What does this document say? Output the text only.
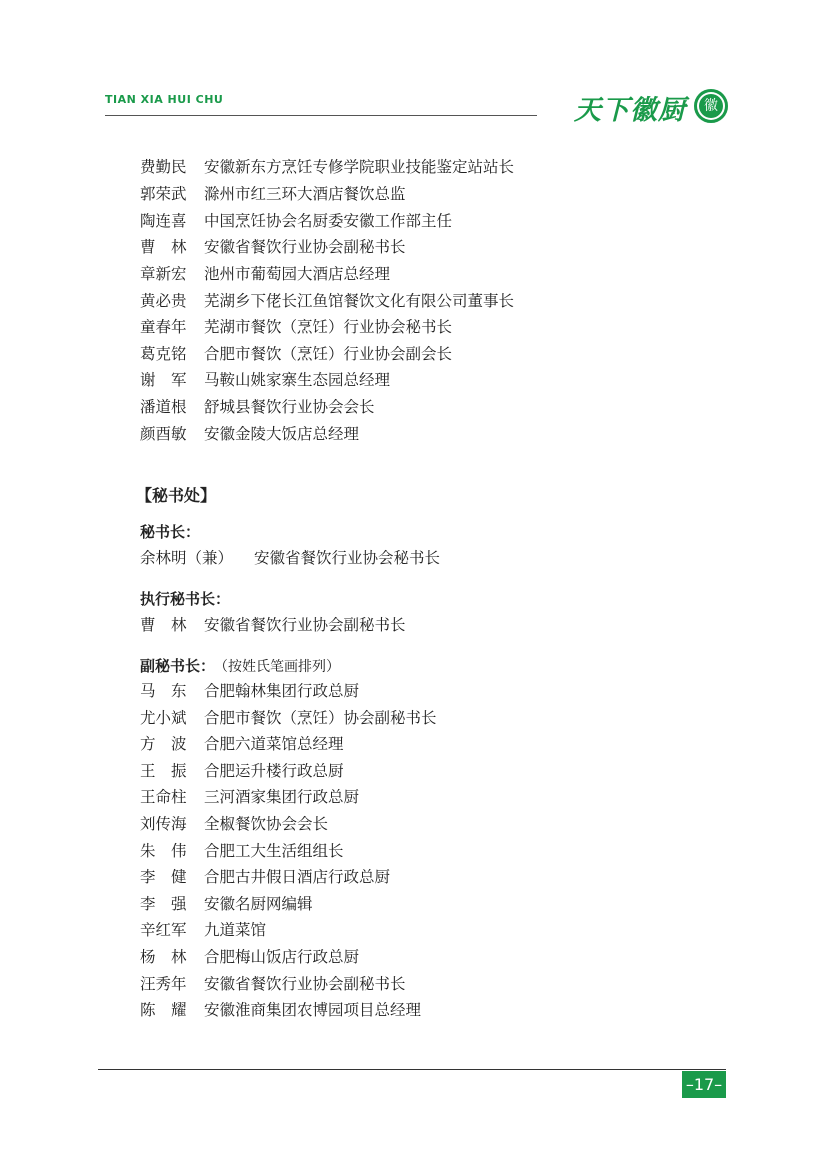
TIAN XIA HUI CHU	天下徽厨	徽
费勤民 安徽新东方烹饪专修学院职业技能鉴定站站长
郭荣武 滁州市红三环大酒店餐饮总监
陶连喜 中国烹饪协会名厨委安徽工作部主任
曹　林 安徽省餐饮行业协会副秘书长
章新宏 池州市葡萄园大酒店总经理
黄必贵 芜湖乡下佬长江鱼馆餐饮文化有限公司董事长
童春年 芜湖市餐饮（烹饪）行业协会秘书长
葛克铭 合肥市餐饮（烹饪）行业协会副会长
谢　军 马鞍山姚家寨生态园总经理
潘道根 舒城县餐饮行业协会会长
颜酉敏 安徽金陵大饭店总经理
【秘书处】
秘书长：
余林明（兼） 安徽省餐饮行业协会秘书长
执行秘书长：
曹　林 安徽省餐饮行业协会副秘书长
副秘书长： （按姓氏笔画排列）
马　东 合肥翰林集团行政总厨
尤小斌 合肥市餐饮（烹饪）协会副秘书长
方　波 合肥六道菜馆总经理
王　振 合肥运升楼行政总厨
王命柱 三河酒家集团行政总厨
刘传海 全椒餐饮协会会长
朱　伟 合肥工大生活组组长
李　健 合肥古井假日酒店行政总厨
李　强 安徽名厨网编辑
辛红军 九道菜馆
杨　林 合肥梅山饭店行政总厨
汪秀年 安徽省餐饮行业协会副秘书长
陈　耀 安徽淮商集团农博园项目总经理
–17–
